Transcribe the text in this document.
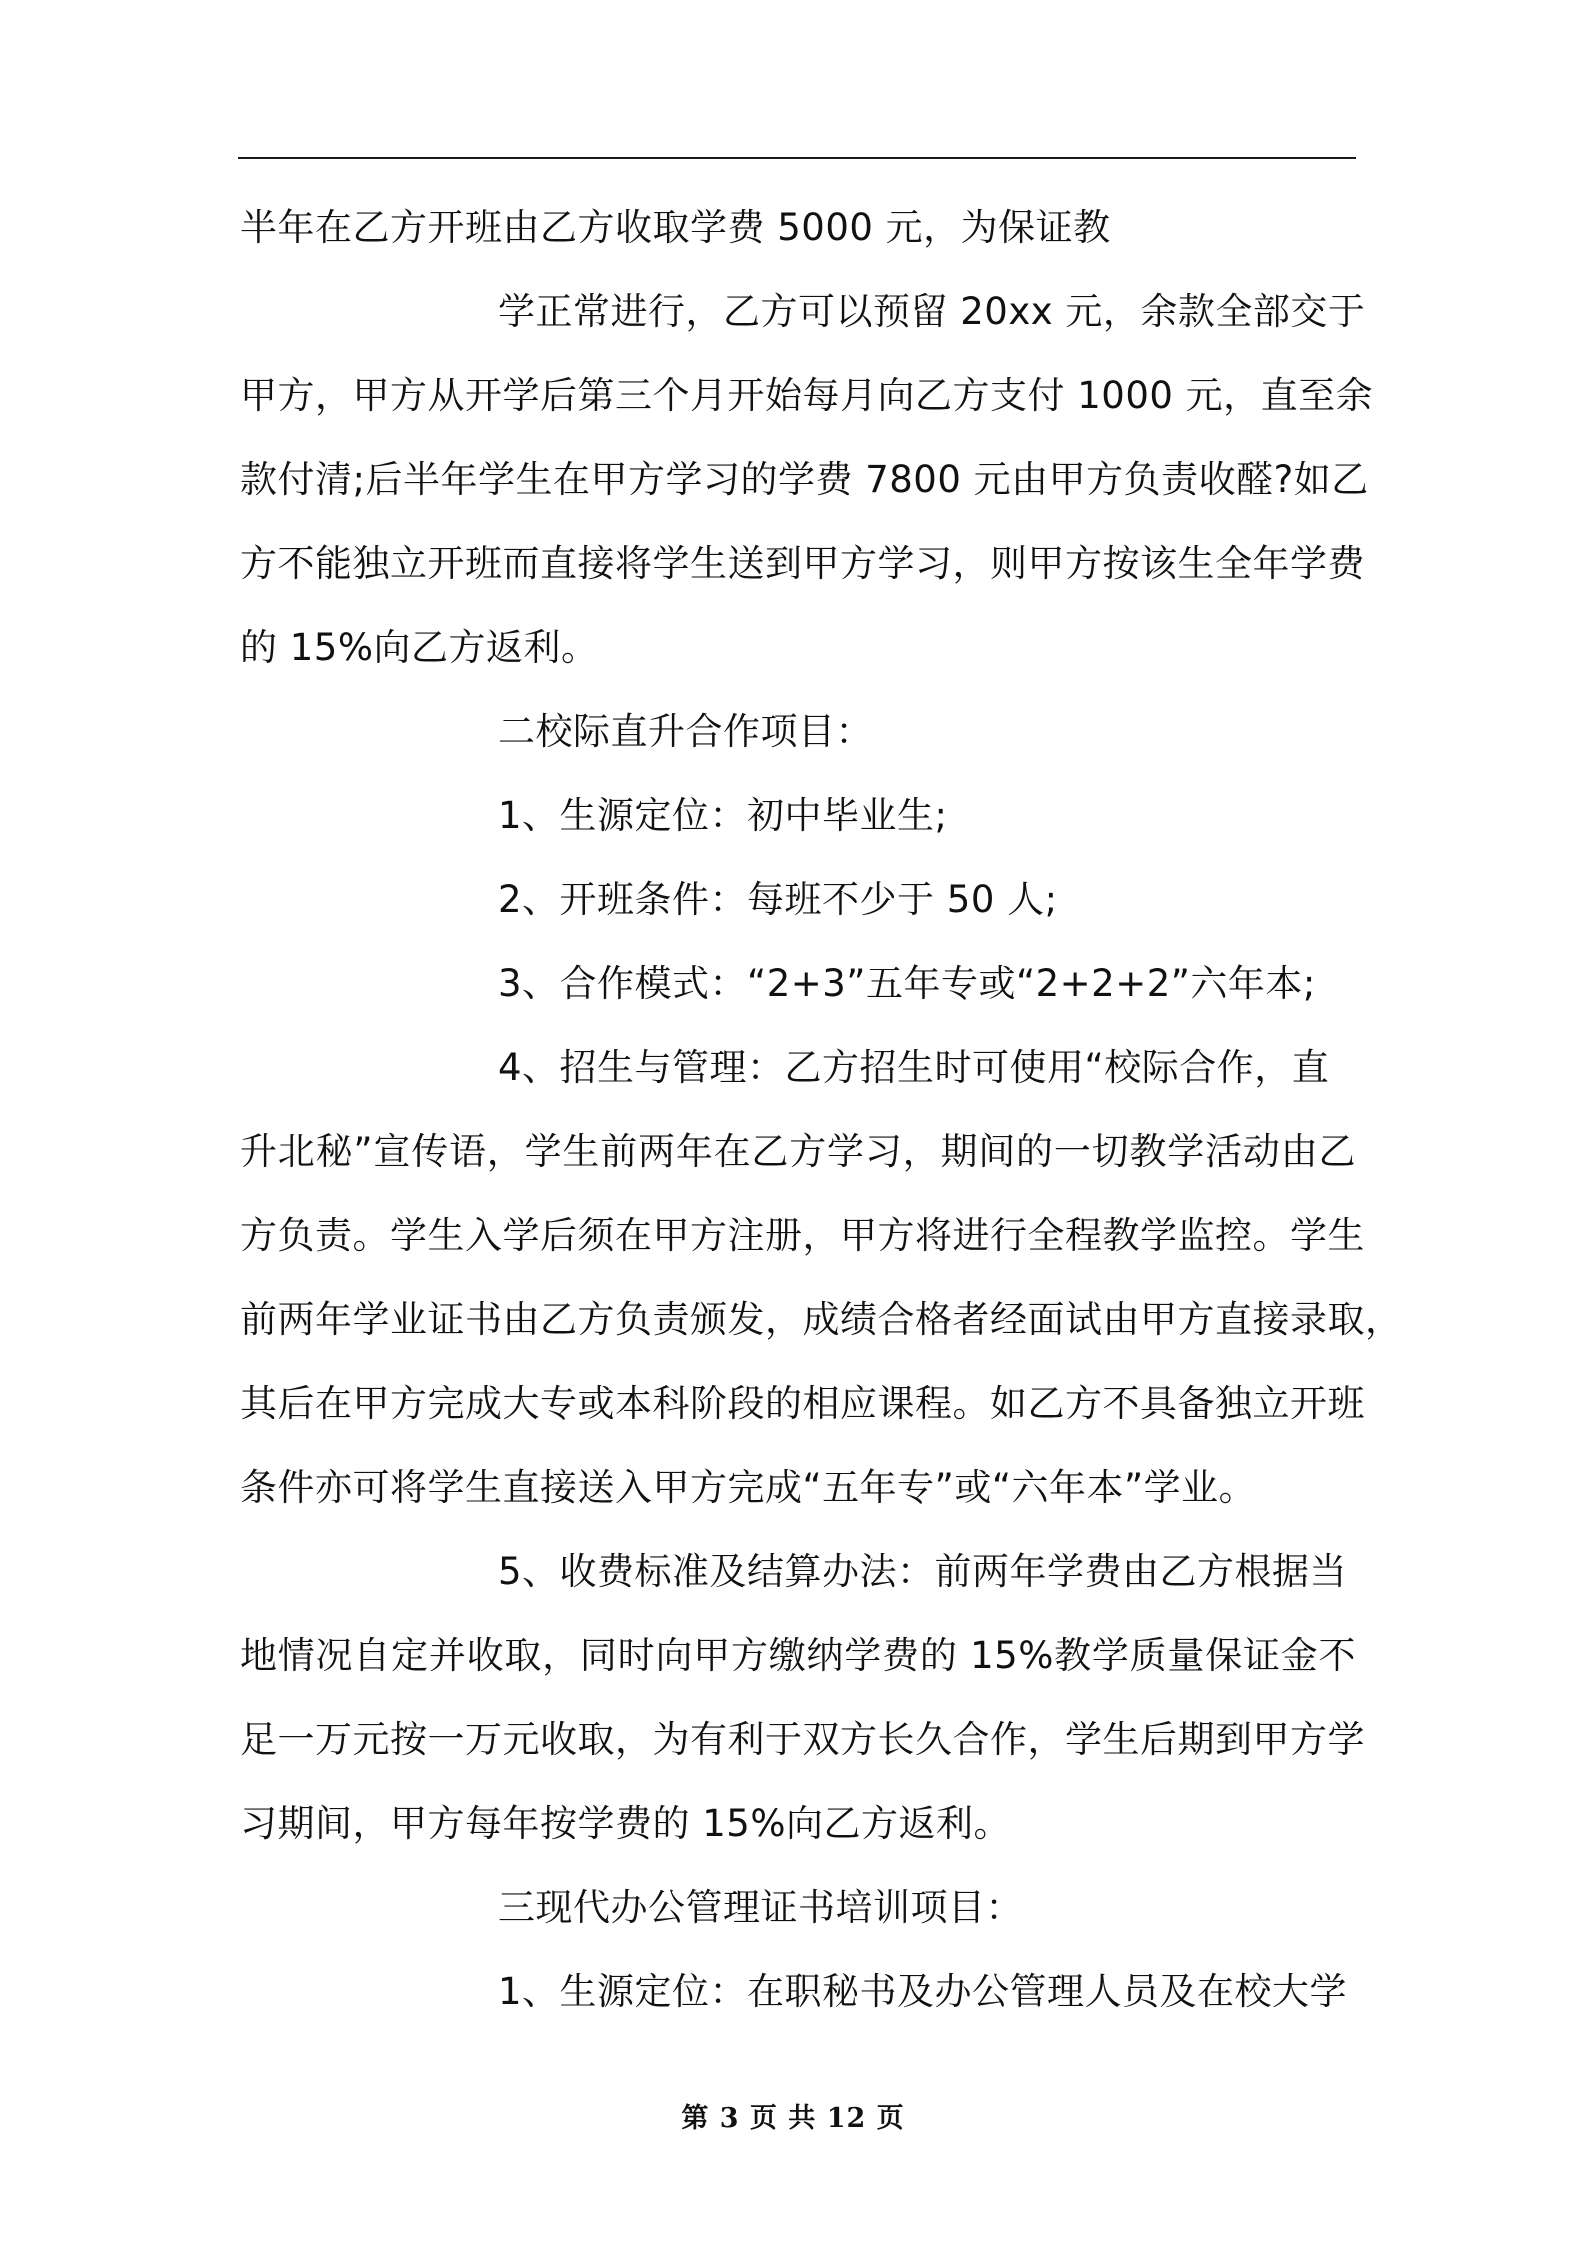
半年在乙方开班由乙方收取学费 5000 元，为保证教
学正常进行，乙方可以预留 20xx 元，余款全部交于
甲方，甲方从开学后第三个月开始每月向乙方支付 1000 元，直至余
款付清;后半年学生在甲方学习的学费 7800 元由甲方负责收醛?如乙
方不能独立开班而直接将学生送到甲方学习，则甲方按该生全年学费
的 15%向乙方返利。
二校际直升合作项目：
1、生源定位：初中毕业生;
2、开班条件：每班不少于 50 人;
3、合作模式：“2+3”五年专或“2+2+2”六年本;
4、招生与管理：乙方招生时可使用“校际合作，直
升北秘”宣传语，学生前两年在乙方学习，期间的一切教学活动由乙
方负责。学生入学后须在甲方注册，甲方将进行全程教学监控。学生
前两年学业证书由乙方负责颁发，成绩合格者经面试由甲方直接录取，
其后在甲方完成大专或本科阶段的相应课程。如乙方不具备独立开班
条件亦可将学生直接送入甲方完成“五年专”或“六年本”学业。
5、收费标准及结算办法：前两年学费由乙方根据当
地情况自定并收取，同时向甲方缴纳学费的 15%教学质量保证金不
足一万元按一万元收取，为有利于双方长久合作，学生后期到甲方学
习期间，甲方每年按学费的 15%向乙方返利。
三现代办公管理证书培训项目：
1、生源定位：在职秘书及办公管理人员及在校大学
第 3 页 共 12 页
